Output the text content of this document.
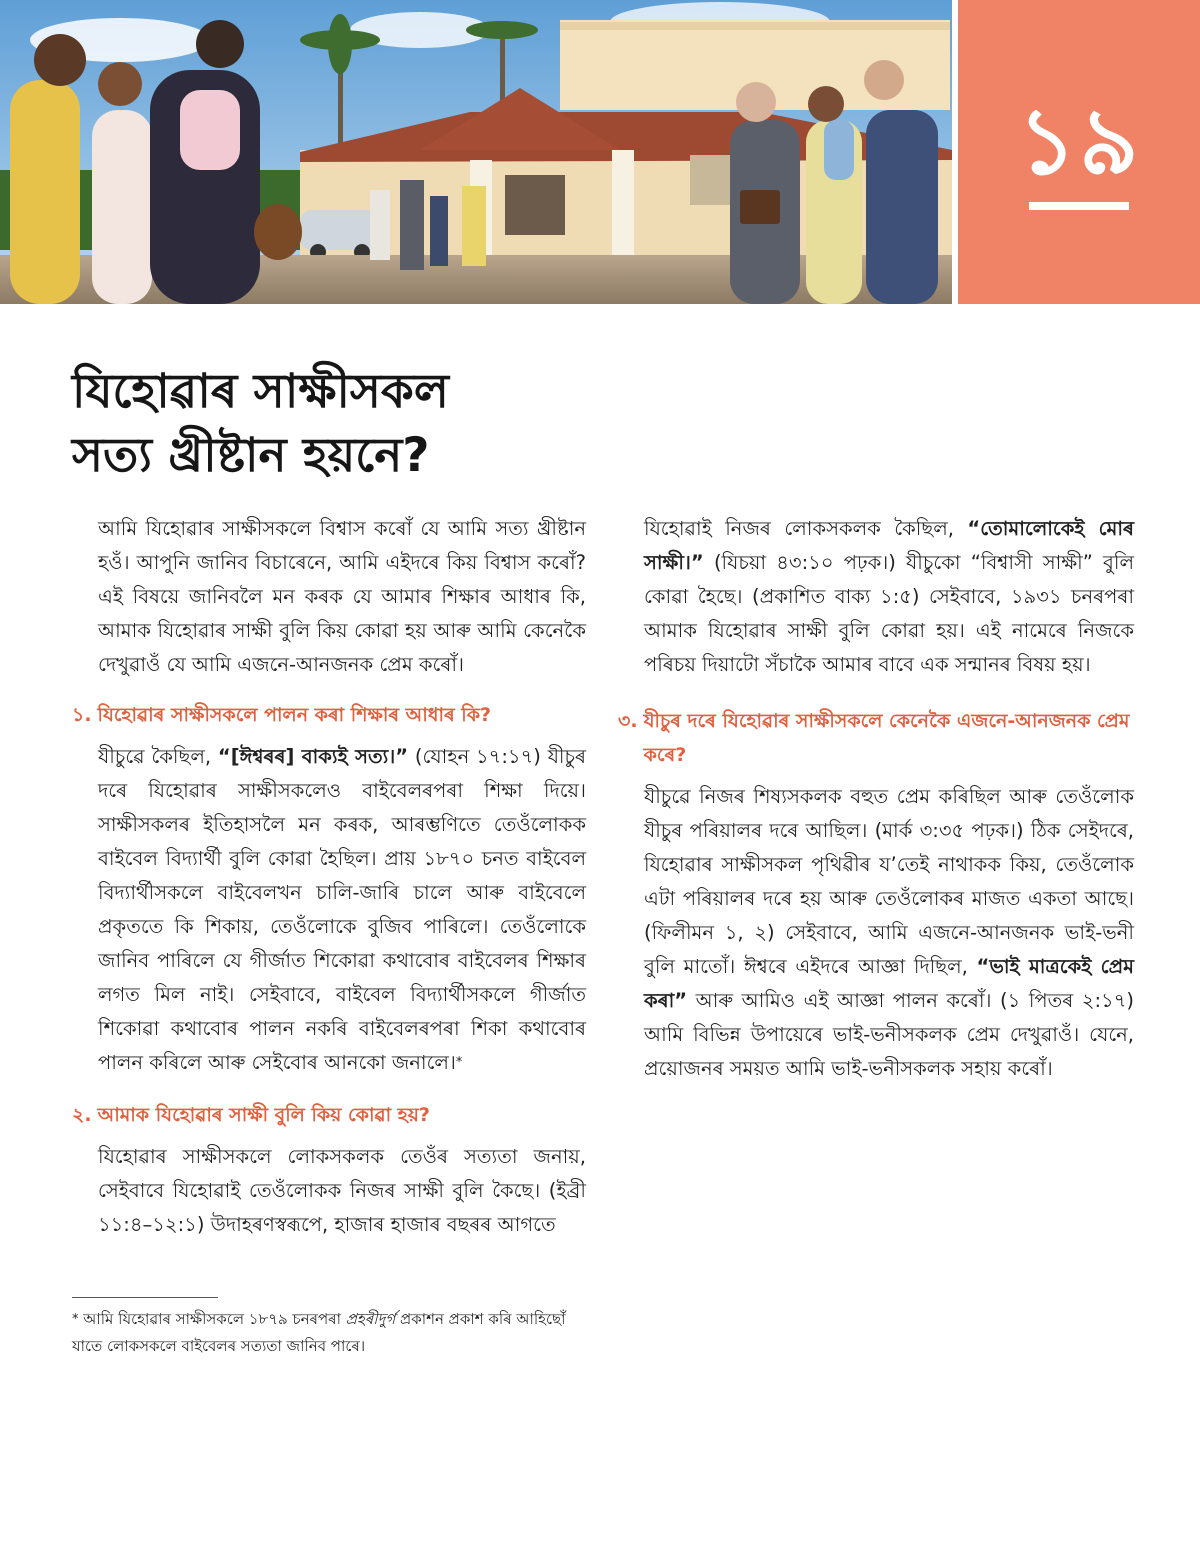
১৯
যিহোৱাৰ সাক্ষীসকল
সত্য খ্ৰীষ্টান হয়নে?

আমি যিহোৱাৰ সাক্ষীসকলে বিশ্বাস কৰোঁ যে আমি সত্য খ্ৰীষ্টান হওঁ। আপুনি জানিব বিচাৰেনে, আমি এইদৰে কিয় বিশ্বাস কৰোঁ? এই বিষয়ে জানিবলৈ মন কৰক যে আমাৰ শিক্ষাৰ আধাৰ কি, আমাক যিহোৱাৰ সাক্ষী বুলি কিয় কোৱা হয় আৰু আমি কেনেকৈ দেখুৱাওঁ যে আমি এজনে-আনজনক প্ৰেম কৰোঁ।

১. যিহোৱাৰ সাক্ষীসকলে পালন কৰা শিক্ষাৰ আধাৰ কি?

যীচুৱে কৈছিল, “[ঈশ্বৰৰ] বাক্যই সত্য।” (যোহন ১৭:১৭) যীচুৰ দৰে যিহোৱাৰ সাক্ষীসকলেও বাইবেলৰপৰা শিক্ষা দিয়ে। সাক্ষীসকলৰ ইতিহাসলৈ মন কৰক, আৰম্ভণিতে তেওঁলোকক বাইবেল বিদ্যাৰ্থী বুলি কোৱা হৈছিল। প্ৰায় ১৮৭০ চনত বাইবেল বিদ্যাৰ্থীসকলে বাইবেলখন চালি-জাৰি চালে আৰু বাইবেলে প্ৰকৃততে কি শিকায়, তেওঁলোকে বুজিব পাৰিলে। তেওঁলোকে জানিব পাৰিলে যে গীৰ্জাত শিকোৱা কথাবোৰ বাইবেলৰ শিক্ষাৰ লগত মিল নাই। সেইবাবে, বাইবেল বিদ্যাৰ্থীসকলে গীৰ্জাত শিকোৱা কথাবোৰ পালন নকৰি বাইবেলৰপৰা শিকা কথাবোৰ পালন কৰিলে আৰু সেইবোৰ আনকো জনালে।*

২. আমাক যিহোৱাৰ সাক্ষী বুলি কিয় কোৱা হয়?

যিহোৱাৰ সাক্ষীসকলে লোকসকলক তেওঁৰ সত্যতা জনায়, সেইবাবে যিহোৱাই তেওঁলোকক নিজৰ সাক্ষী বুলি কৈছে। (ইব্ৰী ১১:৪–১২:১) উদাহৰণস্বৰূপে, হাজাৰ হাজাৰ বছৰৰ আগতে

* আমি যিহোৱাৰ সাক্ষীসকলে ১৮৭৯ চনৰপৰা প্ৰহৰীদুৰ্গ প্ৰকাশন প্ৰকাশ কৰি আহিছোঁ যাতে লোকসকলে বাইবেলৰ সত্যতা জানিব পাৰে।

যিহোৱাই নিজৰ লোকসকলক কৈছিল, “তোমালোকেই মোৰ সাক্ষী।” (যিচয়া ৪৩:১০ পঢ়ক।) যীচুকো “বিশ্বাসী সাক্ষী” বুলি কোৱা হৈছে। (প্ৰকাশিত বাক্য ১:৫) সেইবাবে, ১৯৩১ চনৰপৰা আমাক যিহোৱাৰ সাক্ষী বুলি কোৱা হয়। এই নামেৰে নিজকে পৰিচয় দিয়াটো সঁচাকৈ আমাৰ বাবে এক সন্মানৰ বিষয় হয়।

৩. যীচুৰ দৰে যিহোৱাৰ সাক্ষীসকলে কেনেকৈ এজনে-আনজনক প্ৰেম কৰে?

যীচুৱে নিজৰ শিষ্যসকলক বহুত প্ৰেম কৰিছিল আৰু তেওঁলোক যীচুৰ পৰিয়ালৰ দৰে আছিল। (মাৰ্ক ৩:৩৫ পঢ়ক।) ঠিক সেইদৰে, যিহোৱাৰ সাক্ষীসকল পৃথিৱীৰ য’তেই নাথাকক কিয়, তেওঁলোক এটা পৰিয়ালৰ দৰে হয় আৰু তেওঁলোকৰ মাজত একতা আছে। (ফিলীমন ১, ২) সেইবাবে, আমি এজনে-আনজনক ভাই-ভনী বুলি মাতোঁ। ঈশ্বৰে এইদৰে আজ্ঞা দিছিল, “ভাই মাত্ৰকেই প্ৰেম কৰা” আৰু আমিও এই আজ্ঞা পালন কৰোঁ। (১ পিতৰ ২:১৭) আমি বিভিন্ন উপায়েৰে ভাই-ভনীসকলক প্ৰেম দেখুৱাওঁ। যেনে, প্ৰয়োজনৰ সময়ত আমি ভাই-ভনীসকলক সহায় কৰোঁ।
